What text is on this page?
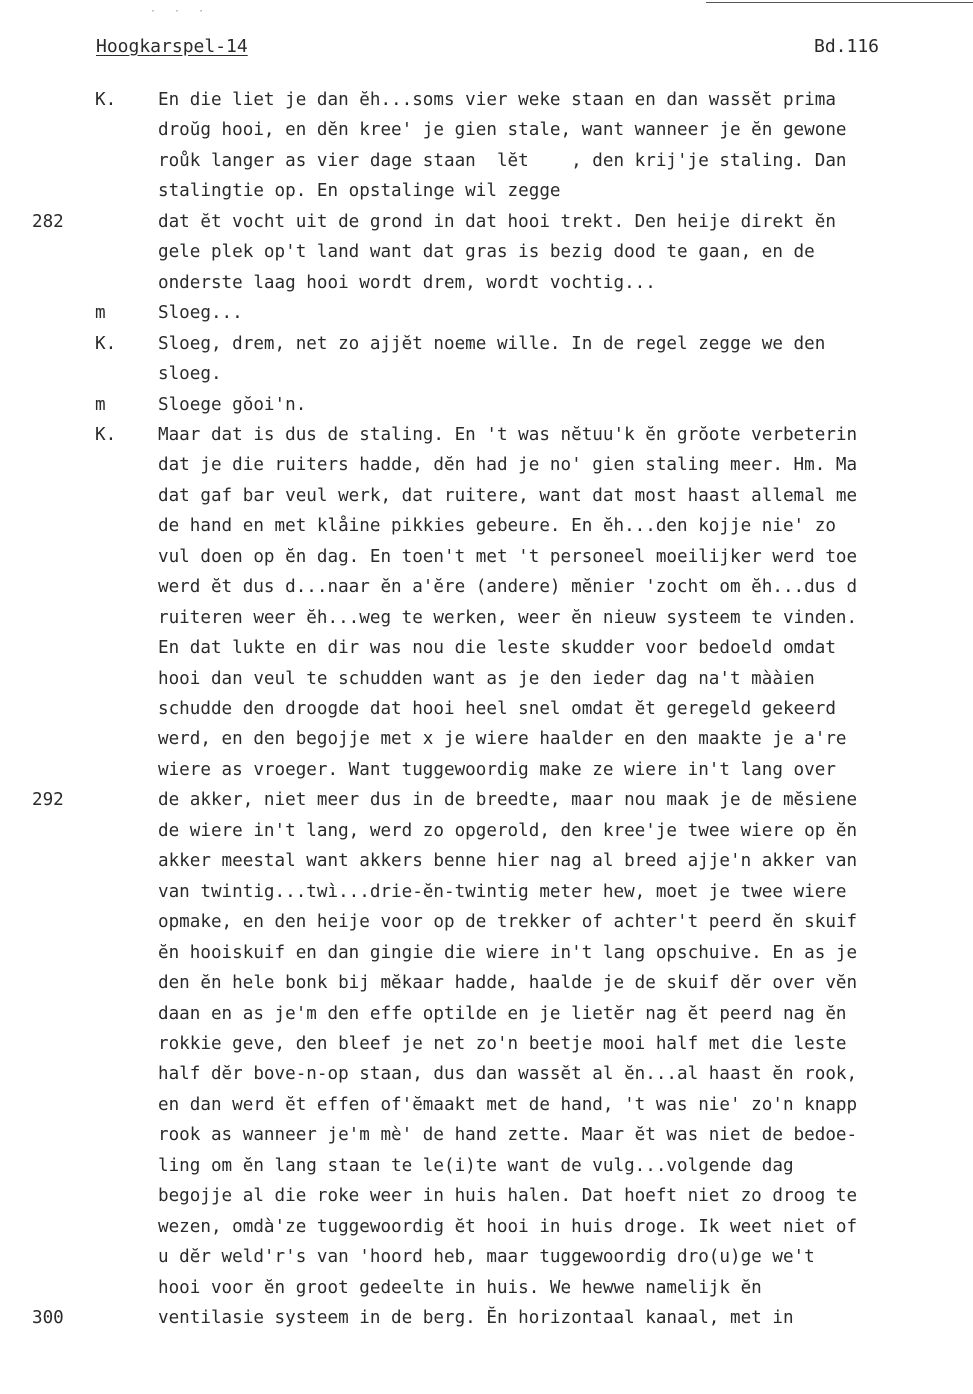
· · ·
Hoogkarspel-14	Bd.116
K.	En die liet je dan ĕh...soms vier weke staan en dan wassĕt prima
droŭg hooi, en dĕn kree' je gien stale, want wanneer je ĕn gewone
roůk langer as vier dage staan  lĕt    , den krij'je staling. Dan
stalingtie op. En opstalinge wil zegge
282	dat ĕt vocht uit de grond in dat hooi trekt. Den heije direkt ĕn
gele plek op't land want dat gras is bezig dood te gaan, en de
onderste laag hooi wordt drem, wordt vochtig...
m	Sloeg...
K.	Sloeg, drem, net zo ajjĕt noeme wille. In de regel zegge we den
sloeg.
m	Sloege gŏoi'n.
K.	Maar dat is dus de staling. En 't was nĕtuu'k ĕn grŏote verbeterin
dat je die ruiters hadde, dĕn had je no' gien staling meer. Hm. Ma
dat gaf bar veul werk, dat ruitere, want dat most haast allemal me
de hand en met klåine pikkies gebeure. En ĕh...den kojje nie' zo
vul doen op ĕn dag. En toen't met 't personeel moeilijker werd toe
werd ĕt dus d...naar ĕn a'ĕre (andere) mĕnier 'zocht om ĕh...dus d
ruiteren weer ĕh...weg te werken, weer ĕn nieuw systeem te vinden.
En dat lukte en dir was nou die leste skudder voor bedoeld omdat
hooi dan veul te schudden want as je den ieder dag na't mààien
schudde den droogde dat hooi heel snel omdat ĕt geregeld gekeerd
werd, en den begojje met x je wiere haalder en den maakte je a're
wiere as vroeger. Want tuggewoordig make ze wiere in't lang over
292	de akker, niet meer dus in de breedte, maar nou maak je de mĕsiene
de wiere in't lang, werd zo opgerold, den kree'je twee wiere op ĕn
akker meestal want akkers benne hier nag al breed ajje'n akker van
van twintig...twì...drie-ĕn-twintig meter hew, moet je twee wiere
opmake, en den heije voor op de trekker of achter't peerd ĕn skuif
ĕn hooiskuif en dan gingie die wiere in't lang opschuive. En as je
den ĕn hele bonk bij mĕkaar hadde, haalde je de skuif dĕr over vĕn
daan en as je'm den effe optilde en je lietĕr nag ĕt peerd nag ĕn
rokkie geve, den bleef je net zo'n beetje mooi half met die leste
half dĕr bove-n-op staan, dus dan wassĕt al ĕn...al haast ĕn rook,
en dan werd ĕt effen of'ĕmaakt met de hand, 't was nie' zo'n knapp
rook as wanneer je'm mè' de hand zette. Maar ĕt was niet de bedoe-
ling om ĕn lang staan te le(i)te want de vulg...volgende dag
begojje al die roke weer in huis halen. Dat hoeft niet zo droog te
wezen, omdà'ze tuggewoordig ĕt hooi in huis droge. Ik weet niet of
u dĕr weld'r's van 'hoord heb, maar tuggewoordig dro(u)ge we't
hooi voor ĕn groot gedeelte in huis. We hewwe namelijk ĕn
300	ventilasie systeem in de berg. Ĕn horizontaal kanaal, met in
